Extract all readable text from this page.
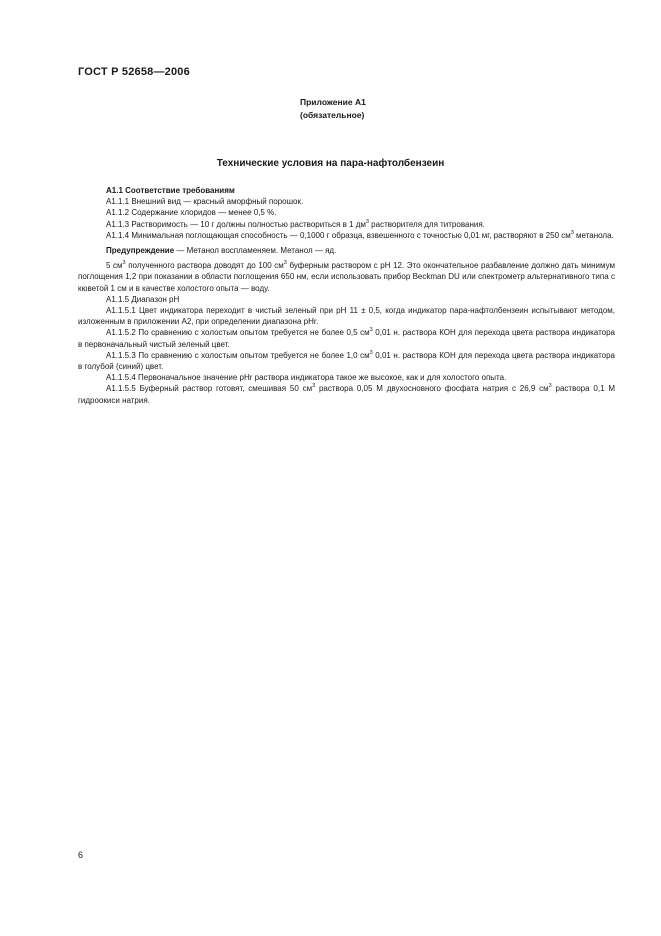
ГОСТ Р 52658—2006
Приложение А1
(обязательное)
Технические условия на пара-нафтолбензеин

А1.1 Соответствие требованиям

А1.1.1 Внешний вид — красный аморфный порошок.

А1.1.2 Содержание хлоридов — менее 0,5 %.

А1.1.3 Растворимость — 10 г должны полностью раствориться в 1 $дм^3$ растворителя для титрования.

А1.1.4 Минимальная поглощающая способность — 0,1000 г образца, взвешенного с точностью 0,01 мг, растворяют в 250 $см^3$ метанола.

Предупреждение — Метанол воспламеняем. Метанол — яд.

5 $см^3$ полученного раствора доводят до 100 $см^3$ буферным раствором с pH 12. Это окончательное разбавление должно дать минимум поглощения 1,2 при показании в области поглощения 650 нм, если использовать прибор Beckman DU или спектрометр альтернативного типа с кюветой 1 см и в качестве холостого опыта — воду.

А1.1.5 Диапазон pH

А1.1.5.1 Цвет индикатора переходит в чистый зеленый при pH 11 ± 0,5, когда индикатор пара-нафтолбензеин испытывают методом, изложенным в приложении А2, при определении диапазона pHr.

А1.1.5.2 По сравнению с холостым опытом требуется не более 0,5 $см^3$ 0,01 н. раствора КОН для перехода цвета раствора индикатора в первоначальный чистый зеленый цвет.

А1.1.5.3 По сравнению с холостым опытом требуется не более 1,0 $см^3$ 0,01 н. раствора КОН для перехода цвета раствора индикатора в голубой (синий) цвет.

А1.1.5.4 Первоначальное значение pHr раствора индикатора такое же высокое, как и для холостого опыта.

А1.1.5.5 Буферный раствор готовят, смешивая 50 $см^3$ раствора 0,05 М двухосновного фосфата натрия с 26,9 $см^3$ раствора 0,1 М гидроокиси натрия.

6
